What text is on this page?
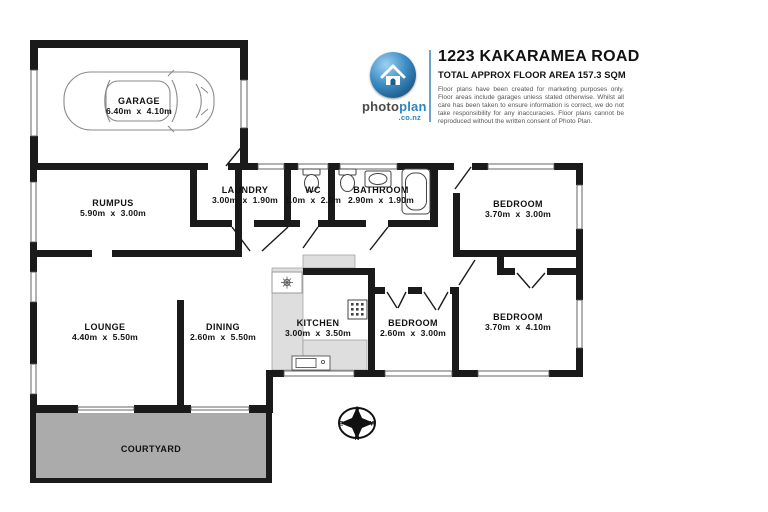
S
N
E	W
GARAGE
6.40m  x  4.10m
RUMPUS
5.90m  x  3.00m
LAUNDRY
3.00m  x  1.90m
WC
1.0m  x  2.0m
BATHROOM
2.90m  x  1.90m	BEDROOM
3.70m  x  3.00m
LOUNGE
4.40m  x  5.50m
DINING
2.60m  x  5.50m
KITCHEN
3.00m  x  3.50m
BEDROOM
2.60m  x  3.00m
BEDROOM
3.70m  x  4.10m
COURTYARD
photoplan
.co.nz
1223 KAKARAMEA ROAD
TOTAL APPROX FLOOR AREA 157.3 SQM
Floor plans have been created for marketing purposes only. Floor areas include garages unless stated otherwise. Whilst all care has been taken to ensure information is correct, we do not take responsibility for any inaccuracies. Floor plans cannot be reproduced without the written consent of Photo Plan.
